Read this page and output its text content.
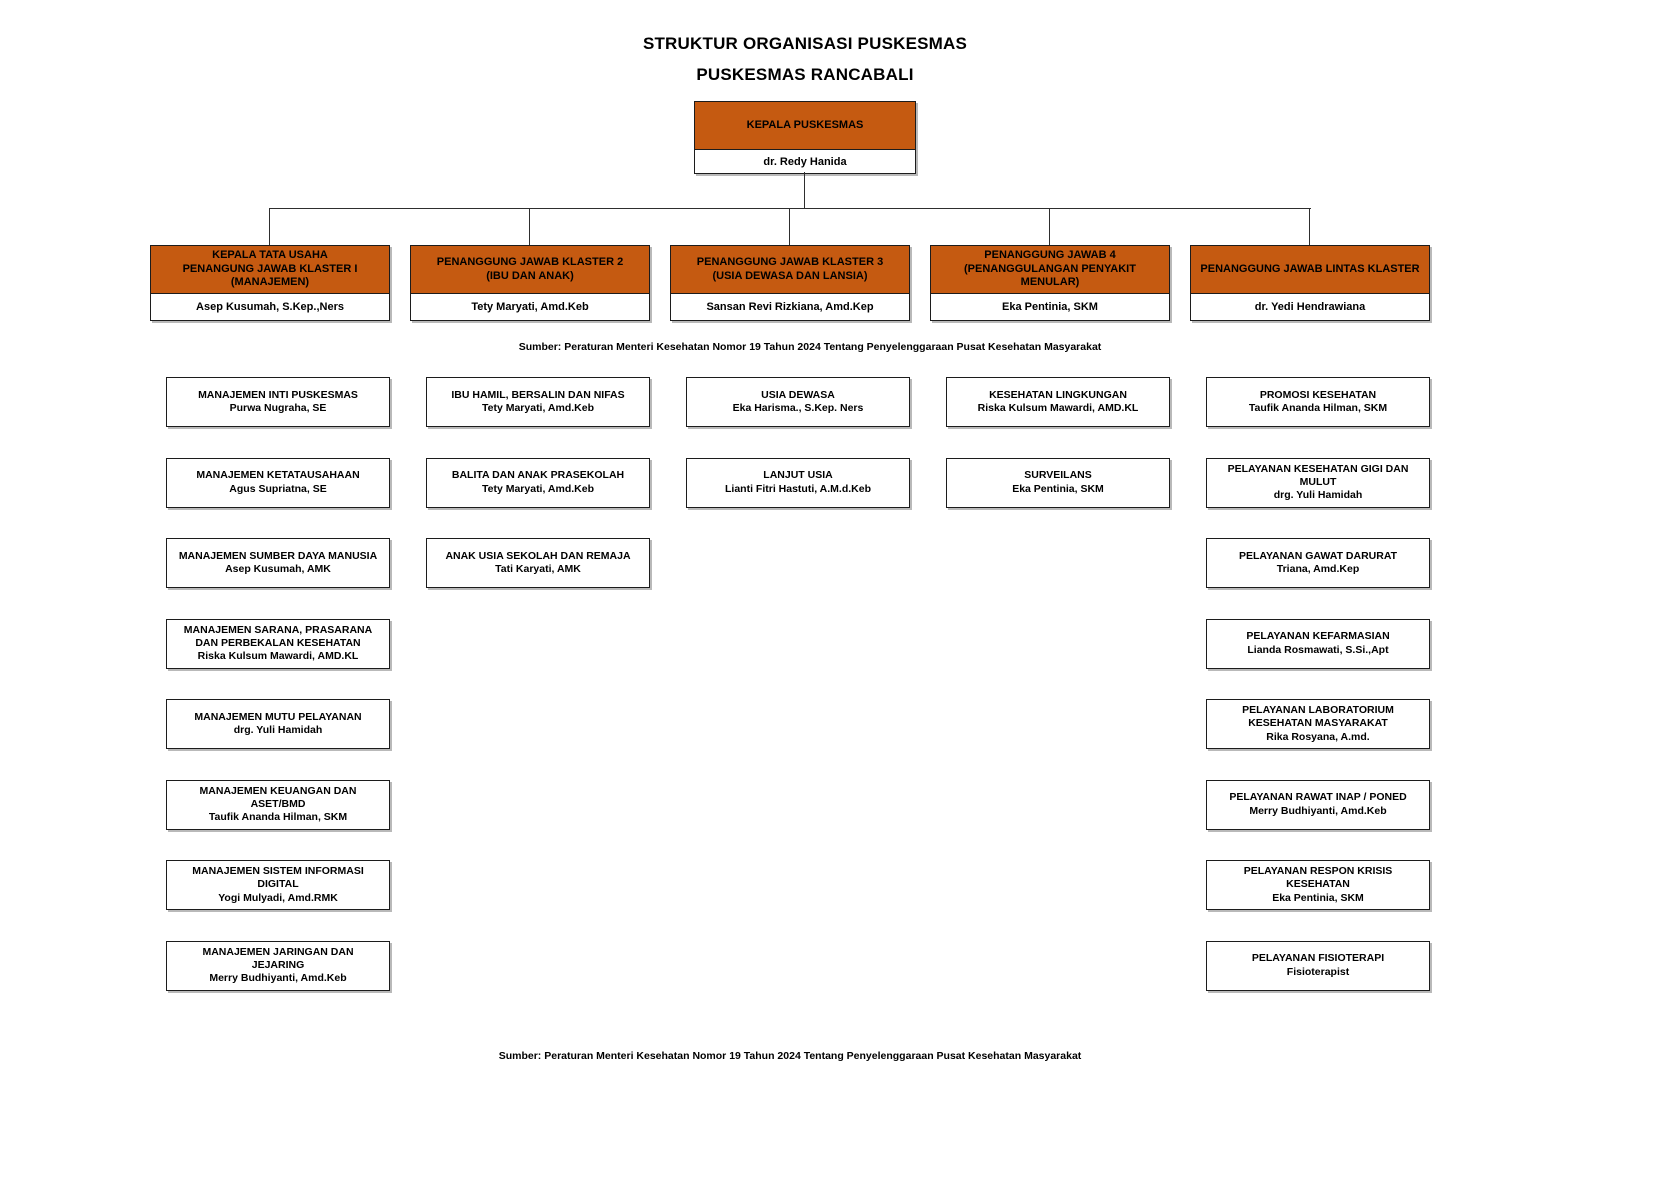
STRUKTUR ORGANISASI PUSKESMAS
PUSKESMAS RANCABALI
KEPALA PUSKESMAS
dr. Redy Hanida
KEPALA TATA USAHA
PENANGUNG JAWAB KLASTER I
(MANAJEMEN)
Asep Kusumah, S.Kep.,Ners
PENANGGUNG JAWAB KLASTER 2
(IBU DAN ANAK)
Tety Maryati, Amd.Keb
PENANGGUNG JAWAB KLASTER 3
(USIA DEWASA DAN LANSIA)
Sansan Revi Rizkiana, Amd.Kep
PENANGGUNG JAWAB 4
(PENANGGULANGAN PENYAKIT MENULAR)
Eka Pentinia, SKM
PENANGGUNG JAWAB LINTAS KLASTER
dr. Yedi Hendrawiana
Sumber: Peraturan Menteri Kesehatan Nomor 19 Tahun 2024 Tentang Penyelenggaraan Pusat Kesehatan Masyarakat
MANAJEMEN INTI PUSKESMAS
Purwa Nugraha, SE
MANAJEMEN KETATAUSAHAAN
Agus Supriatna, SE
MANAJEMEN SUMBER DAYA MANUSIA
Asep Kusumah, AMK
MANAJEMEN SARANA, PRASARANA DAN PERBEKALAN KESEHATAN
Riska Kulsum Mawardi, AMD.KL
MANAJEMEN MUTU PELAYANAN
drg. Yuli Hamidah
MANAJEMEN KEUANGAN DAN ASET/BMD
Taufik Ananda Hilman, SKM
MANAJEMEN SISTEM INFORMASI DIGITAL
Yogi Mulyadi, Amd.RMK
MANAJEMEN JARINGAN DAN JEJARING
Merry Budhiyanti, Amd.Keb
IBU HAMIL, BERSALIN DAN NIFAS
Tety Maryati, Amd.Keb
BALITA DAN ANAK PRASEKOLAH
Tety Maryati, Amd.Keb
ANAK USIA SEKOLAH DAN REMAJA
Tati Karyati, AMK
USIA DEWASA
Eka Harisma., S.Kep. Ners
LANJUT USIA
Lianti Fitri Hastuti, A.M.d.Keb
KESEHATAN LINGKUNGAN
Riska Kulsum Mawardi, AMD.KL
SURVEILANS
Eka Pentinia, SKM
PROMOSI KESEHATAN
Taufik Ananda Hilman, SKM
PELAYANAN KESEHATAN GIGI DAN MULUT
drg. Yuli Hamidah
PELAYANAN GAWAT DARURAT
Triana, Amd.Kep
PELAYANAN KEFARMASIAN
Lianda Rosmawati, S.Si.,Apt
PELAYANAN LABORATORIUM KESEHATAN MASYARAKAT
Rika Rosyana, A.md.
PELAYANAN RAWAT INAP / PONED
Merry Budhiyanti, Amd.Keb
PELAYANAN RESPON KRISIS KESEHATAN
Eka Pentinia, SKM
PELAYANAN FISIOTERAPI
Fisioterapist
Sumber: Peraturan Menteri Kesehatan Nomor 19 Tahun 2024 Tentang Penyelenggaraan Pusat Kesehatan Masyarakat
